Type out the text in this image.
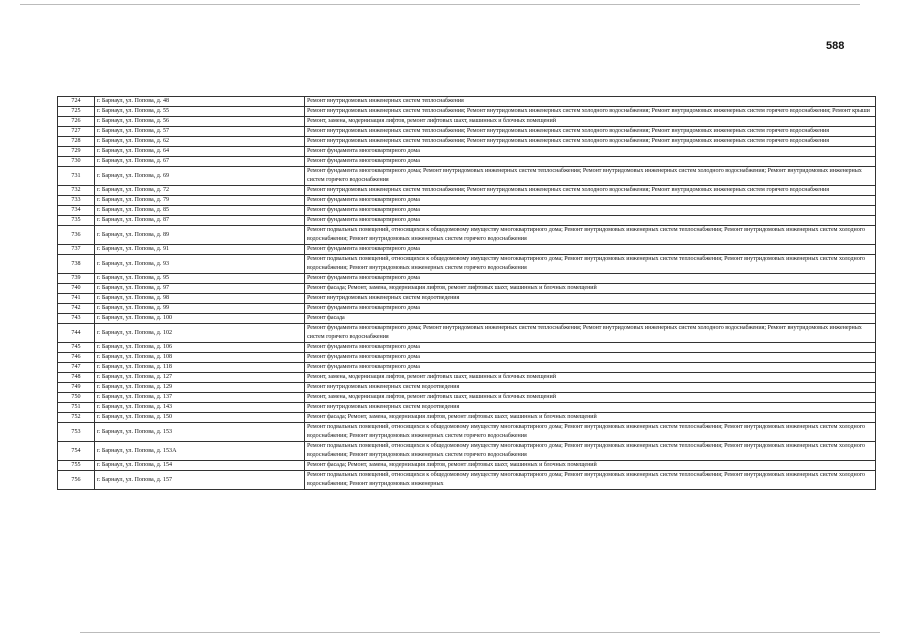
588
724	г. Барнаул, ул. Попова, д. 48	Ремонт внутридомовых инженерных систем теплоснабжения
725	г. Барнаул, ул. Попова, д. 55	Ремонт внутридомовых инженерных систем теплоснабжения; Ремонт внутридомовых инженерных систем холодного водоснабжения; Ремонт внутридомовых инженерных систем горячего водоснабжения; Ремонт крыши
726	г. Барнаул, ул. Попова, д. 56	Ремонт, замена, модернизация лифтов, ремонт лифтовых шахт, машинных и блочных помещений
727	г. Барнаул, ул. Попова, д. 57	Ремонт внутридомовых инженерных систем теплоснабжения; Ремонт внутридомовых инженерных систем холодного водоснабжения; Ремонт внутридомовых инженерных систем горячего водоснабжения
728	г. Барнаул, ул. Попова, д. 62	Ремонт внутридомовых инженерных систем теплоснабжения; Ремонт внутридомовых инженерных систем холодного водоснабжения; Ремонт внутридомовых инженерных систем горячего водоснабжения
729	г. Барнаул, ул. Попова, д. 64	Ремонт фундамента многоквартирного дома
730	г. Барнаул, ул. Попова, д. 67	Ремонт фундамента многоквартирного дома
731	г. Барнаул, ул. Попова, д. 69	Ремонт фундамента многоквартирного дома; Ремонт внутридомовых инженерных систем теплоснабжения; Ремонт внутридомовых инженерных систем холодного водоснабжения; Ремонт внутридомовых инженерных систем горячего водоснабжения
732	г. Барнаул, ул. Попова, д. 72	Ремонт внутридомовых инженерных систем теплоснабжения; Ремонт внутридомовых инженерных систем холодного водоснабжения; Ремонт внутридомовых инженерных систем горячего водоснабжения
733	г. Барнаул, ул. Попова, д. 79	Ремонт фундамента многоквартирного дома
734	г. Барнаул, ул. Попова, д. 85	Ремонт фундамента многоквартирного дома
735	г. Барнаул, ул. Попова, д. 87	Ремонт фундамента многоквартирного дома
736	г. Барнаул, ул. Попова, д. 89	Ремонт подвальных помещений, относящихся к общедомовому имуществу многоквартирного дома; Ремонт внутридомовых инженерных систем теплоснабжения; Ремонт внутридомовых инженерных систем холодного водоснабжения; Ремонт внутридомовых инженерных систем горячего водоснабжения
737	г. Барнаул, ул. Попова, д. 91	Ремонт фундамента многоквартирного дома
738	г. Барнаул, ул. Попова, д. 93	Ремонт подвальных помещений, относящихся к общедомовому имуществу многоквартирного дома; Ремонт внутридомовых инженерных систем теплоснабжения; Ремонт внутридомовых инженерных систем холодного водоснабжения; Ремонт внутридомовых инженерных систем горячего водоснабжения
739	г. Барнаул, ул. Попова, д. 95	Ремонт фундамента многоквартирного дома
740	г. Барнаул, ул. Попова, д. 97	Ремонт фасада; Ремонт, замена, модернизация лифтов, ремонт лифтовых шахт, машинных и блочных помещений
741	г. Барнаул, ул. Попова, д. 98	Ремонт внутридомовых инженерных систем водоотведения
742	г. Барнаул, ул. Попова, д. 99	Ремонт фундамента многоквартирного дома
743	г. Барнаул, ул. Попова, д. 100	Ремонт фасада
744	г. Барнаул, ул. Попова, д. 102	Ремонт фундамента многоквартирного дома; Ремонт внутридомовых инженерных систем теплоснабжения; Ремонт внутридомовых инженерных систем холодного водоснабжения; Ремонт внутридомовых инженерных систем горячего водоснабжения
745	г. Барнаул, ул. Попова, д. 106	Ремонт фундамента многоквартирного дома
746	г. Барнаул, ул. Попова, д. 108	Ремонт фундамента многоквартирного дома
747	г. Барнаул, ул. Попова, д. 118	Ремонт фундамента многоквартирного дома
748	г. Барнаул, ул. Попова, д. 127	Ремонт, замена, модернизация лифтов, ремонт лифтовых шахт, машинных и блочных помещений
749	г. Барнаул, ул. Попова, д. 129	Ремонт внутридомовых инженерных систем водоотведения
750	г. Барнаул, ул. Попова, д. 137	Ремонт, замена, модернизация лифтов, ремонт лифтовых шахт, машинных и блочных помещений
751	г. Барнаул, ул. Попова, д. 143	Ремонт внутридомовых инженерных систем водоотведения
752	г. Барнаул, ул. Попова, д. 150	Ремонт фасада; Ремонт, замена, модернизация лифтов, ремонт лифтовых шахт, машинных и блочных помещений
753	г. Барнаул, ул. Попова, д. 153	Ремонт подвальных помещений, относящихся к общедомовому имуществу многоквартирного дома; Ремонт внутридомовых инженерных систем теплоснабжения; Ремонт внутридомовых инженерных систем холодного водоснабжения; Ремонт внутридомовых инженерных систем горячего водоснабжения
754	г. Барнаул, ул. Попова, д. 153А	Ремонт подвальных помещений, относящихся к общедомовому имуществу многоквартирного дома; Ремонт внутридомовых инженерных систем теплоснабжения; Ремонт внутридомовых инженерных систем холодного водоснабжения; Ремонт внутридомовых инженерных систем горячего водоснабжения
755	г. Барнаул, ул. Попова, д. 154	Ремонт фасада; Ремонт, замена, модернизация лифтов, ремонт лифтовых шахт, машинных и блочных помещений
756	г. Барнаул, ул. Попова, д. 157	Ремонт подвальных помещений, относящихся к общедомовому имуществу многоквартирного дома; Ремонт внутридомовых инженерных систем теплоснабжения; Ремонт внутридомовых инженерных систем холодного водоснабжения; Ремонт внутридомовых инженерных
